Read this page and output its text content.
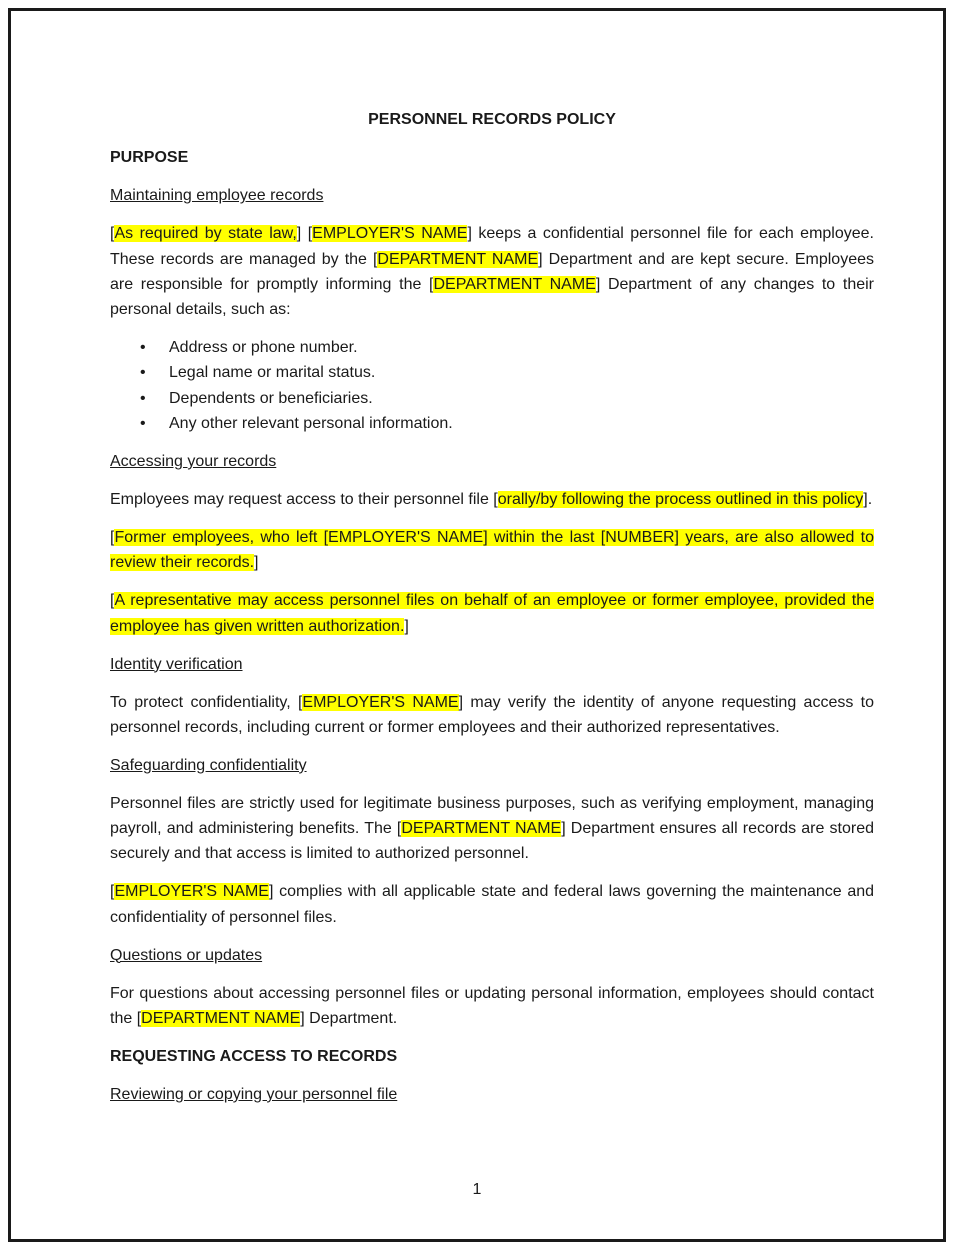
PERSONNEL RECORDS POLICY

PURPOSE

Maintaining employee records

[As required by state law,] [EMPLOYER'S NAME] keeps a confidential personnel file for each employee. These records are managed by the [DEPARTMENT NAME] Department and are kept secure. Employees are responsible for promptly informing the [DEPARTMENT NAME] Department of any changes to their personal details, such as:

• Address or phone number.
• Legal name or marital status.
• Dependents or beneficiaries.
• Any other relevant personal information.

Accessing your records

Employees may request access to their personnel file [orally/by following the process outlined in this policy].

[Former employees, who left [EMPLOYER'S NAME] within the last [NUMBER] years, are also allowed to review their records.]

[A representative may access personnel files on behalf of an employee or former employee, provided the employee has given written authorization.]

Identity verification

To protect confidentiality, [EMPLOYER'S NAME] may verify the identity of anyone requesting access to personnel records, including current or former employees and their authorized representatives.

Safeguarding confidentiality

Personnel files are strictly used for legitimate business purposes, such as verifying employment, managing payroll, and administering benefits. The [DEPARTMENT NAME] Department ensures all records are stored securely and that access is limited to authorized personnel.

[EMPLOYER'S NAME] complies with all applicable state and federal laws governing the maintenance and confidentiality of personnel files.

Questions or updates

For questions about accessing personnel files or updating personal information, employees should contact the [DEPARTMENT NAME] Department.

REQUESTING ACCESS TO RECORDS

Reviewing or copying your personnel file

1
